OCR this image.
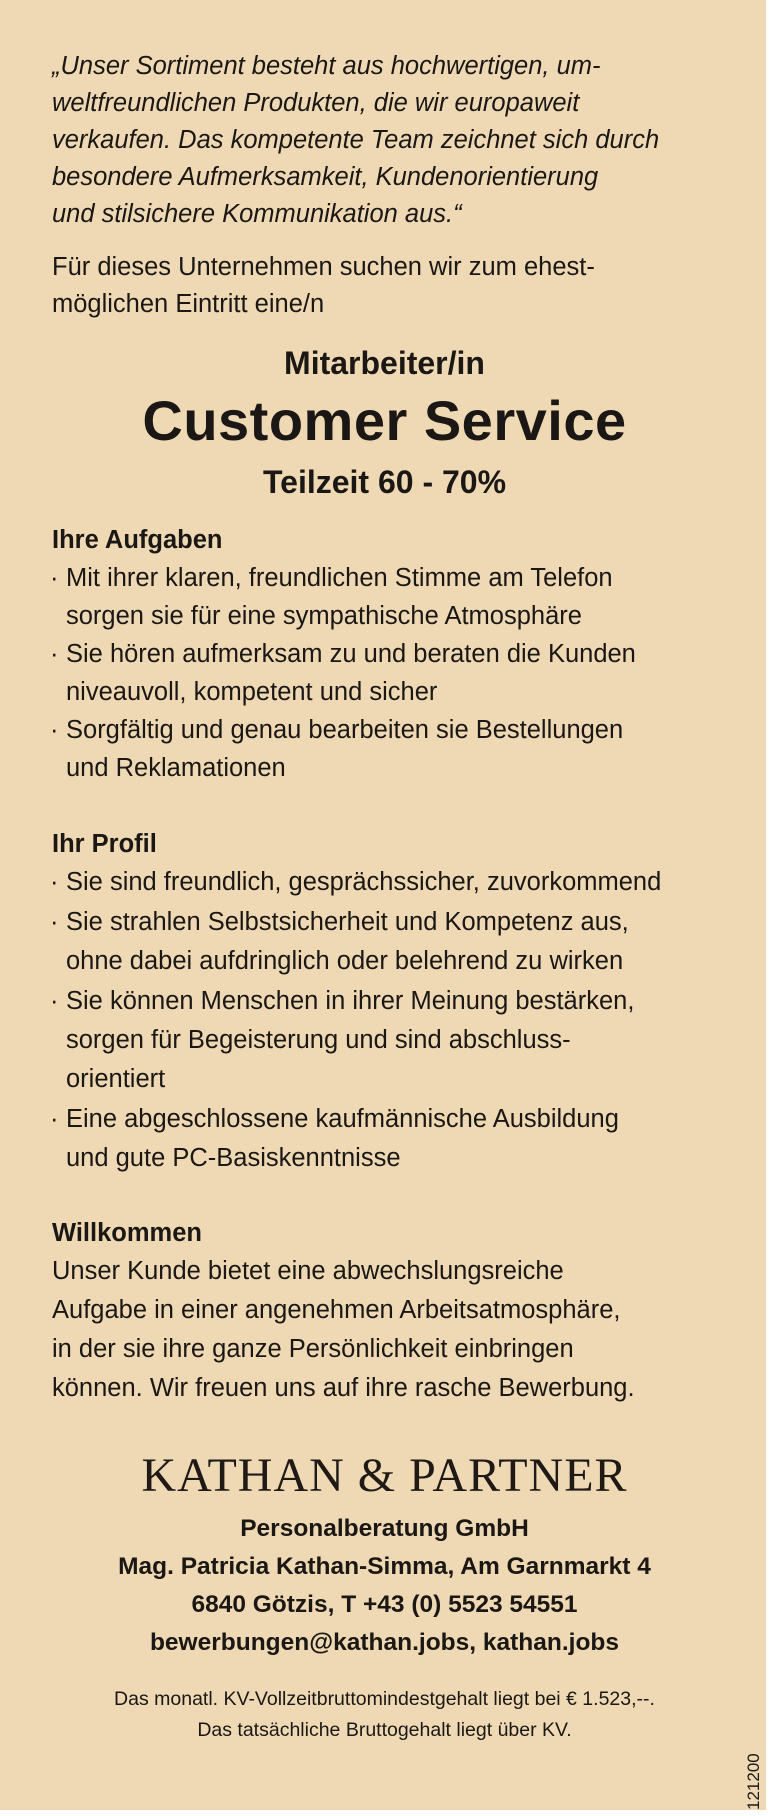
„Unser Sortiment besteht aus hochwertigen, um-
weltfreundlichen Produkten, die wir europaweit
verkaufen. Das kompetente Team zeichnet sich durch
besondere Aufmerksamkeit, Kundenorientierung
und stilsichere Kommunikation aus.“

Für dieses Unternehmen suchen wir zum ehest-
möglichen Eintritt eine/n

Mitarbeiter/in
Customer Service
Teilzeit 60 - 70%
Ihre Aufgaben
· Mit ihrer klaren, freundlichen Stimme am Telefon
sorgen sie für eine sympathische Atmosphäre
· Sie hören aufmerksam zu und beraten die Kunden
niveauvoll, kompetent und sicher
· Sorgfältig und genau bearbeiten sie Bestellungen
und Reklamationen
Ihr Profil
· Sie sind freundlich, gesprächssicher, zuvorkommend
· Sie strahlen Selbstsicherheit und Kompetenz aus,
ohne dabei aufdringlich oder belehrend zu wirken
· Sie können Menschen in ihrer Meinung bestärken,
sorgen für Begeisterung und sind abschluss-
orientiert
· Eine abgeschlossene kaufmännische Ausbildung
und gute PC-Basiskenntnisse
Willkommen

Unser Kunde bietet eine abwechslungsreiche
Aufgabe in einer angenehmen Arbeitsatmosphäre,
in der sie ihre ganze Persönlichkeit einbringen
können. Wir freuen uns auf ihre rasche Bewerbung.

KATHAN & PARTNER
Personalberatung GmbH
Mag. Patricia Kathan-Simma, Am Garnmarkt 4
6840 Götzis, T +43 (0) 5523 54551
bewerbungen@kathan.jobs, kathan.jobs
Das monatl. KV-Vollzeitbruttomindestgehalt liegt bei € 1.523,--.
Das tatsächliche Bruttogehalt liegt über KV.
121200
